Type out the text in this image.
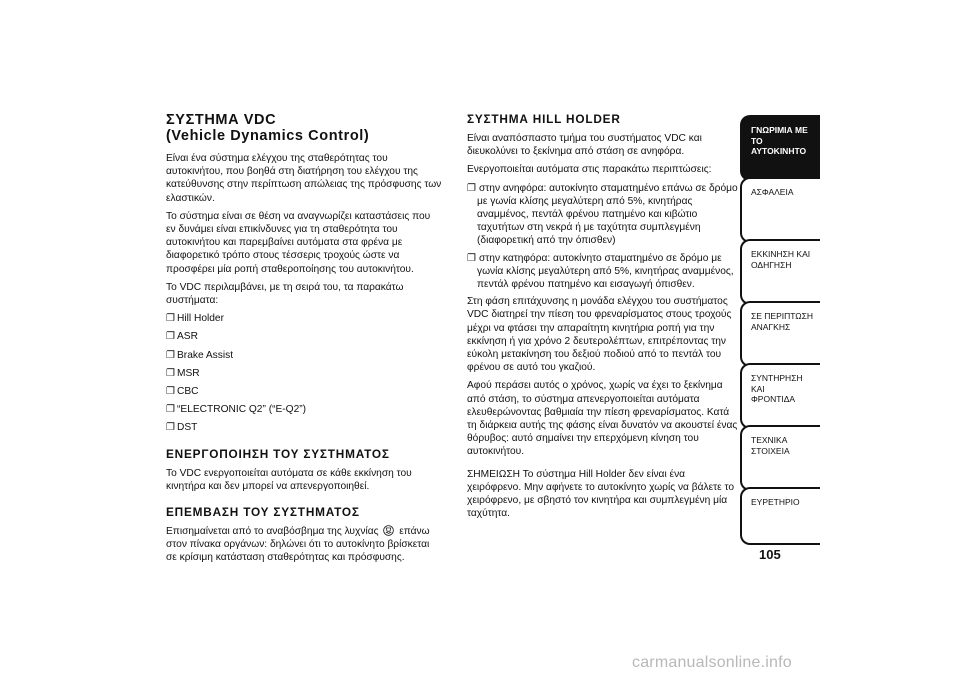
ΣΥΣΤΗΜΑ VDC
(Vehicle Dynamics Control)

Είναι ένα σύστημα ελέγχου της σταθερότητας του αυτοκινήτου, που βοηθά στη διατήρηση του ελέγχου της κατεύθυνσης στην περίπτωση απώλειας της πρόσφυσης των ελαστικών.

Το σύστημα είναι σε θέση να αναγνωρίζει καταστάσεις που εν δυνάμει είναι επικίνδυνες για τη σταθερότητα του αυτοκινήτου και παρεμβαίνει αυτόματα στα φρένα με διαφορετικό τρόπο στους τέσσερις τροχούς ώστε να προσφέρει μία ροπή σταθεροποίησης του αυτοκινήτου.

Το VDC περιλαμβάνει, με τη σειρά του, τα παρακάτω συστήματα:

❐ Hill Holder
❐ ASR
❐ Brake Assist
❐ MSR
❐ CBC
❐ “ELECTRONIC Q2” (“E-Q2”)
❐ DST
ΕΝΕΡΓΟΠΟΙΗΣΗ ΤΟΥ ΣΥΣΤΗΜΑΤΟΣ

Το VDC ενεργοποιείται αυτόματα σε κάθε εκκίνηση του κινητήρα και δεν μπορεί να απενεργοποιηθεί.

ΕΠΕΜΒΑΣΗ ΤΟΥ ΣΥΣΤΗΜΑΤΟΣ

Επισημαίνεται από το αναβόσβημα της λυχνίας επάνω στον πίνακα οργάνων: δηλώνει ότι το αυτοκίνητο βρίσκεται σε κρίσιμη κατάσταση σταθερότητας και πρόσφυσης.

ΣΥΣΤΗΜΑ HILL HOLDER

Είναι αναπόσπαστο τμήμα του συστήματος VDC και διευκολύνει το ξεκίνημα από στάση σε ανηφόρα.

Ενεργοποιείται αυτόματα στις παρακάτω περιπτώσεις:

❐ στην ανηφόρα: αυτοκίνητο σταματημένο επάνω σε δρόμο με γωνία κλίσης μεγαλύτερη από 5%, κινητήρας αναμμένος, πεντάλ φρένου πατημένο και κιβώτιο ταχυτήτων στη νεκρά ή με ταχύτητα συμπλεγμένη (διαφορετική από την όπισθεν)
❐ στην κατηφόρα: αυτοκίνητο σταματημένο σε δρόμο με γωνία κλίσης μεγαλύτερη από 5%, κινητήρας αναμμένος, πεντάλ φρένου πατημένο και εισαγωγή όπισθεν.

Στη φάση επιτάχυνσης η μονάδα ελέγχου του συστήματος VDC διατηρεί την πίεση του φρεναρίσματος στους τροχούς μέχρι να φτάσει την απαραίτητη κινητήρια ροπή για την εκκίνηση ή για χρόνο 2 δευτερολέπτων, επιτρέποντας την εύκολη μετακίνηση του δεξιού ποδιού από το πεντάλ του φρένου σε αυτό του γκαζιού.

Αφού περάσει αυτός ο χρόνος, χωρίς να έχει το ξεκίνημα από στάση, το σύστημα απενεργοποιείται αυτόματα ελευθερώνοντας βαθμιαία την πίεση φρεναρίσματος. Κατά τη διάρκεια αυτής της φάσης είναι δυνατόν να ακουστεί ένας θόρυβος: αυτό σημαίνει την επερχόμενη κίνηση του αυτοκινήτου.

ΣΗΜΕΙΩΣΗ Το σύστημα Hill Holder δεν είναι ένα χειρόφρενο. Μην αφήνετε το αυτοκίνητο χωρίς να βάλετε το χειρόφρενο, με σβηστό τον κινητήρα και συμπλεγμένη μία ταχύτητα.

ΓΝΩΡΙΜΙΑ ΜΕ ΤΟ
ΑΥΤΟΚΙΝΗΤΟ
ΑΣΦΑΛΕΙΑ
ΕΚΚΙΝΗΣΗ ΚΑΙ
ΟΔΗΓΗΣΗ
ΣΕ ΠΕΡΙΠΤΩΣΗ
ΑΝΑΓΚΗΣ
ΣΥΝΤΗΡΗΣΗ ΚΑΙ
ΦΡΟΝΤΙΔΑ
ΤΕΧΝΙΚΑ ΣΤΟΙΧΕΙΑ
ΕΥΡΕΤΗΡΙΟ
105
carmanualsonline.info
